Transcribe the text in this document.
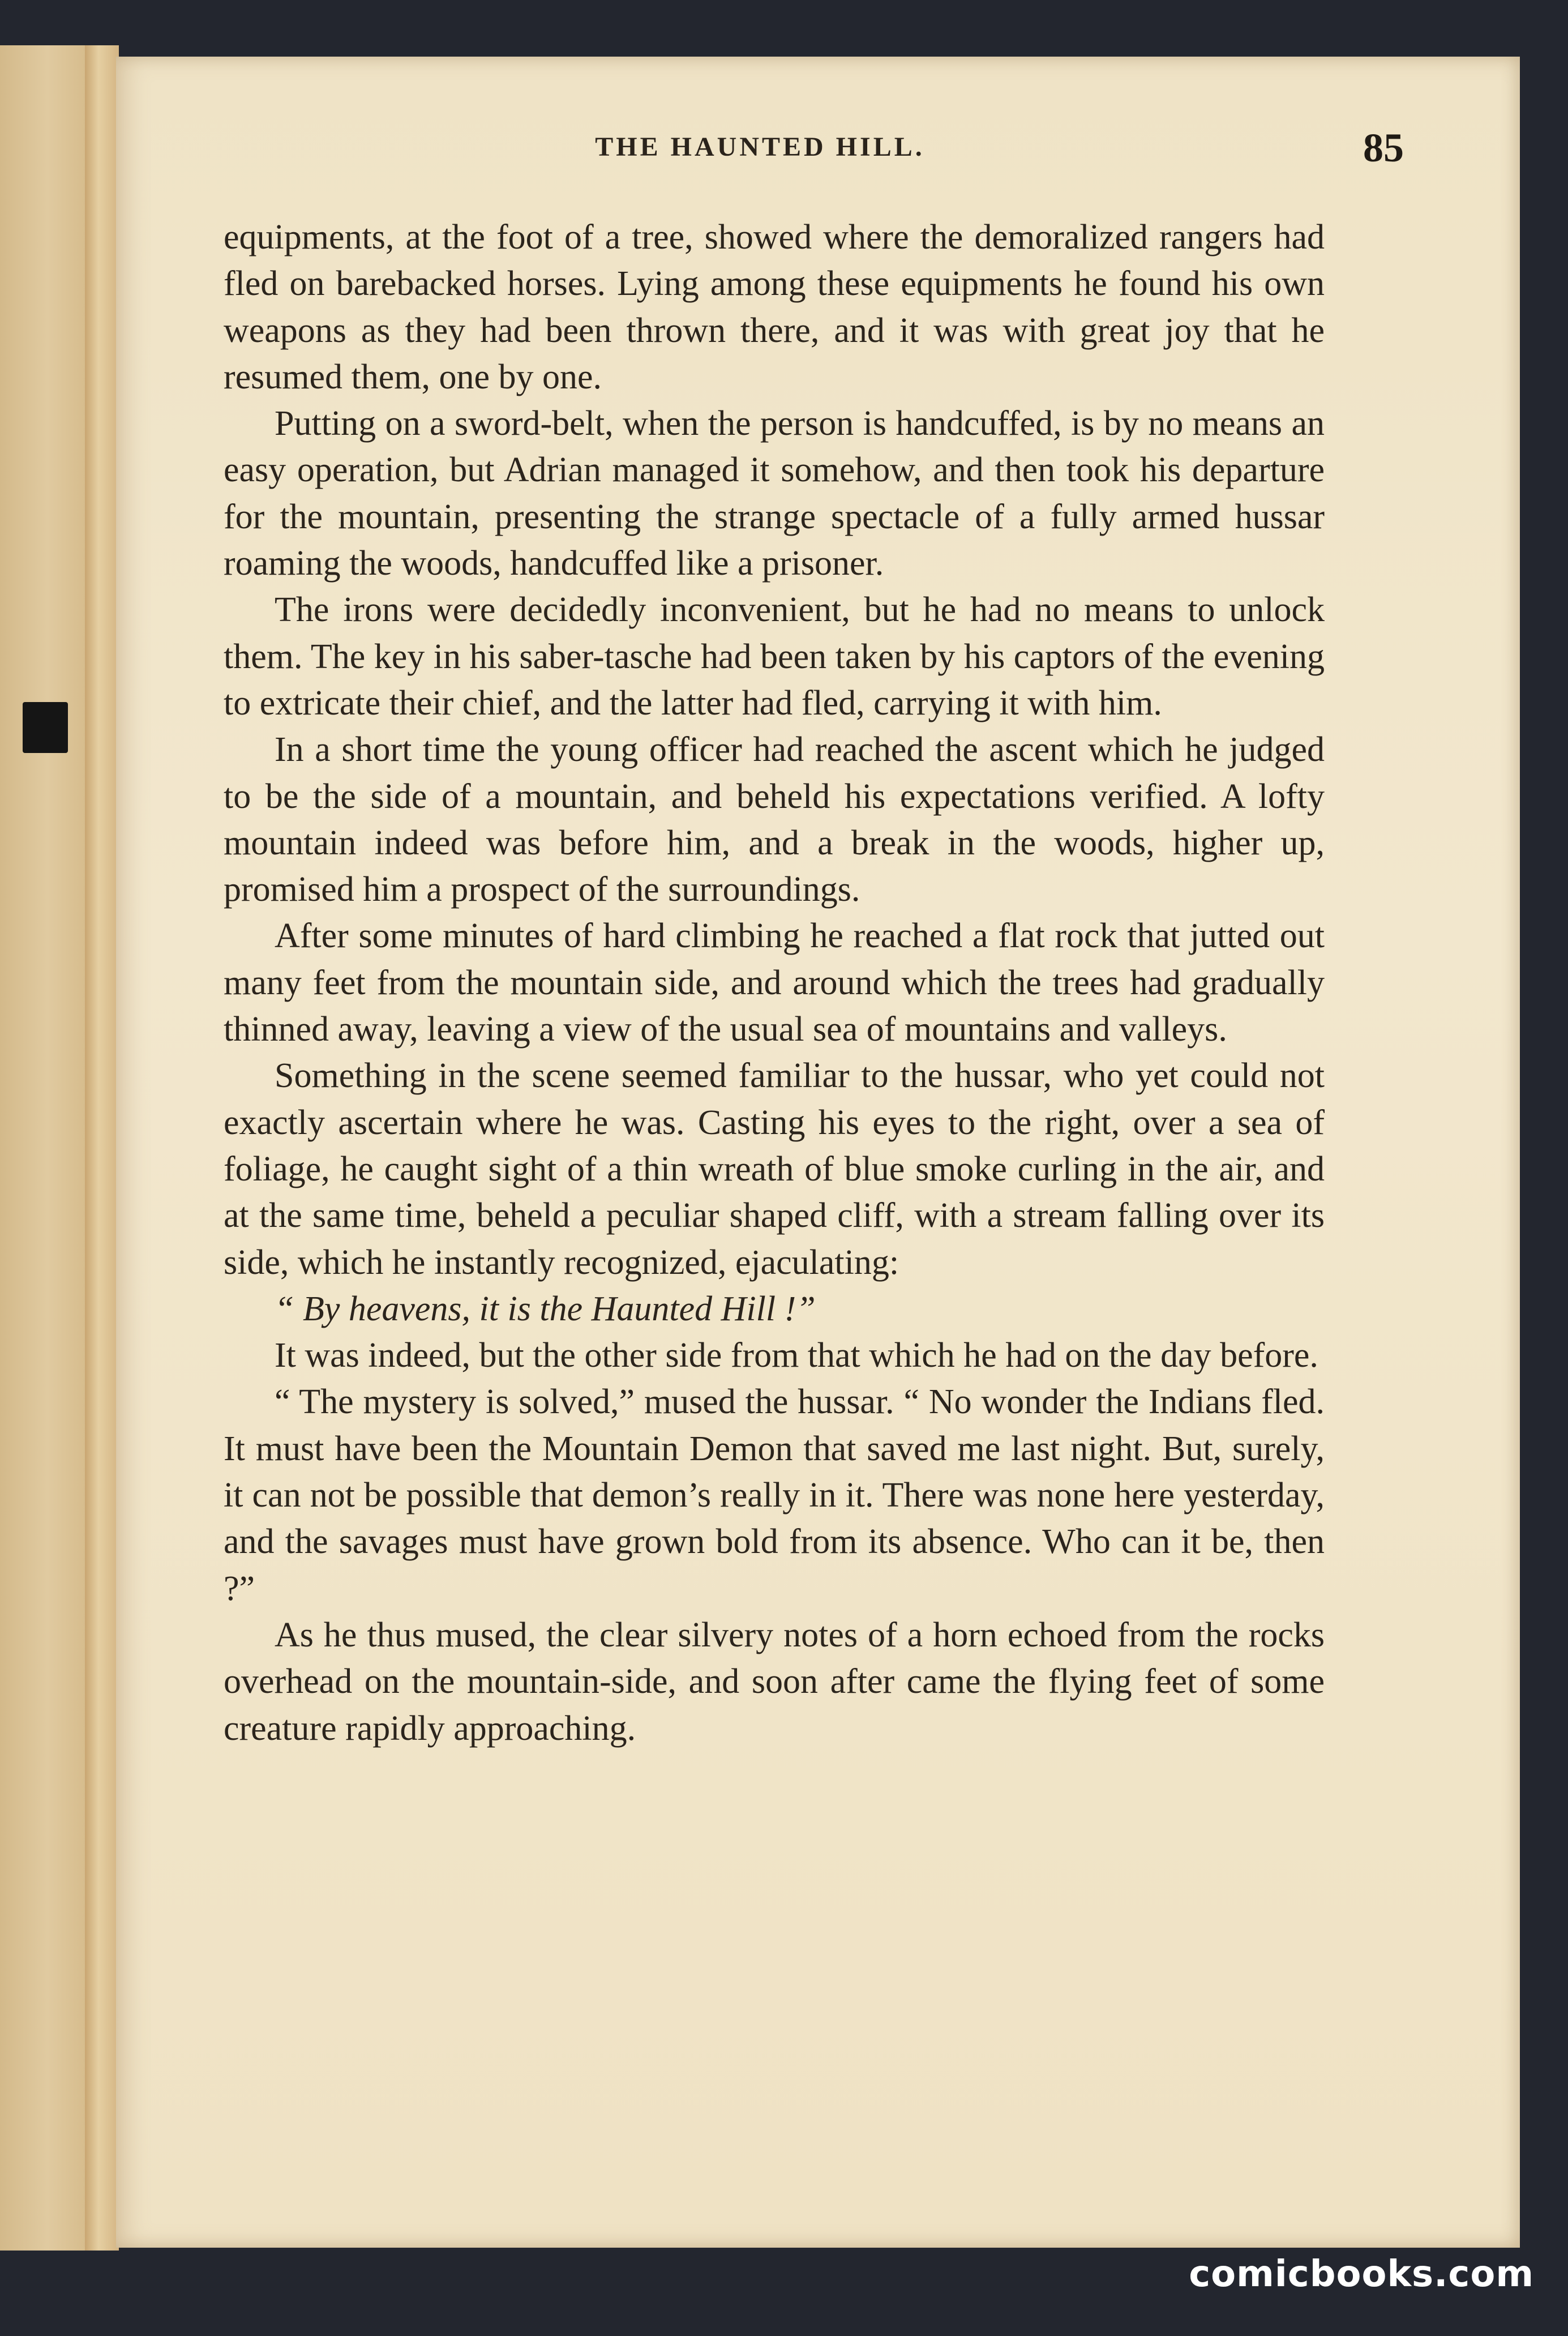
THE HAUNTED HILL.	85

equipments, at the foot of a tree, showed where the demoralized rangers had fled on barebacked horses. Lying among these equipments he found his own weapons as they had been thrown there, and it was with great joy that he resumed them, one by one.

Putting on a sword-belt, when the person is handcuffed, is by no means an easy operation, but Adrian managed it somehow, and then took his departure for the mountain, presenting the strange spectacle of a fully armed hussar roaming the woods, handcuffed like a prisoner.

The irons were decidedly inconvenient, but he had no means to unlock them. The key in his saber-tasche had been taken by his captors of the evening to extricate their chief, and the latter had fled, carrying it with him.

In a short time the young officer had reached the ascent which he judged to be the side of a mountain, and beheld his expectations verified. A lofty mountain indeed was before him, and a break in the woods, higher up, promised him a prospect of the surroundings.

After some minutes of hard climbing he reached a flat rock that jutted out many feet from the mountain side, and around which the trees had gradually thinned away, leaving a view of the usual sea of mountains and valleys.

Something in the scene seemed familiar to the hussar, who yet could not exactly ascertain where he was. Casting his eyes to the right, over a sea of foliage, he caught sight of a thin wreath of blue smoke curling in the air, and at the same time, beheld a peculiar shaped cliff, with a stream falling over its side, which he instantly recognized, ejaculating:

“ By heavens, it is the Haunted Hill !”

It was indeed, but the other side from that which he had on the day before.

“ The mystery is solved,” mused the hussar. “ No wonder the Indians fled. It must have been the Mountain Demon that saved me last night. But, surely, it can not be possible that demon’s really in it. There was none here yesterday, and the savages must have grown bold from its absence. Who can it be, then ?”

As he thus mused, the clear silvery notes of a horn echoed from the rocks overhead on the mountain-side, and soon after came the flying feet of some creature rapidly approaching.

comicbooks.com
